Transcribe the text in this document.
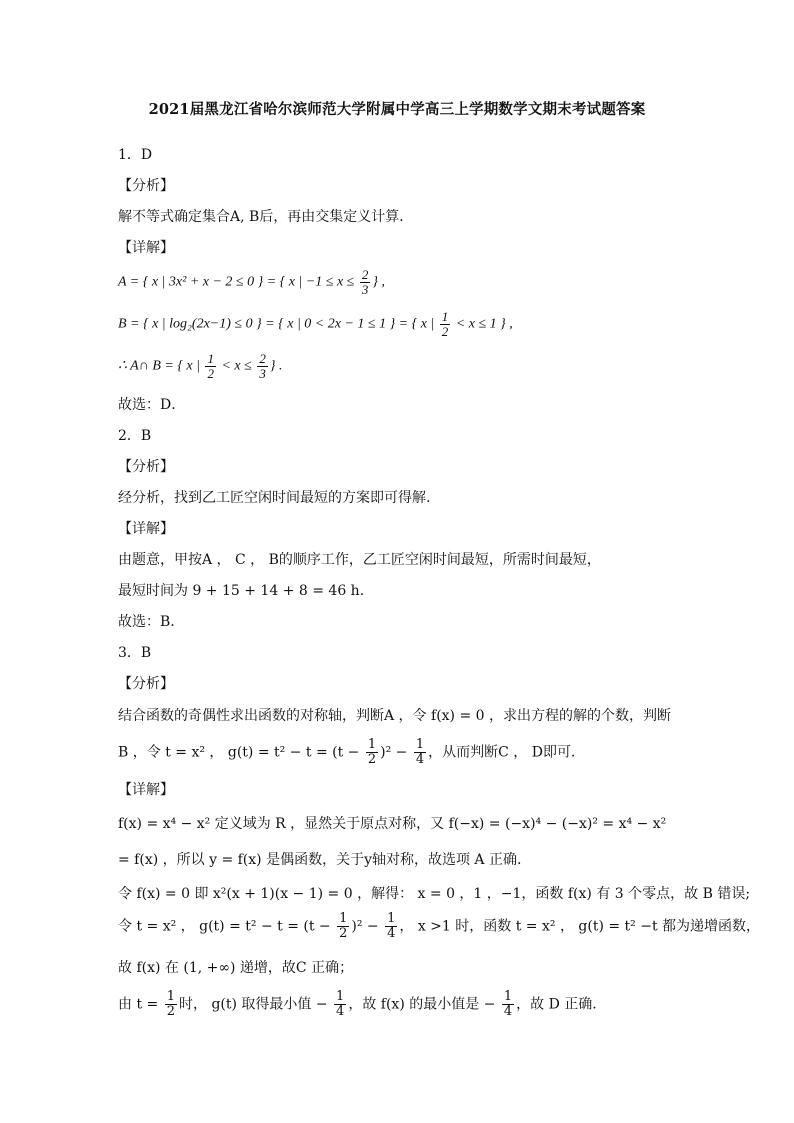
2021届黑龙江省哈尔滨师范大学附属中学高三上学期数学文期末考试题答案
1．D
【分析】
解不等式确定集合A, B后，再由交集定义计算．
【详解】
A = { x | 3x² + x − 2 ≤ 0 } = { x | $-1 \le x \le \frac{2}{3}$ } ,
B = { x | log₂(2x−1) ≤ 0 } = { x | 0 < 2x − 1 ≤ 1 } = { x | $\frac{1}{2} < x \le 1$ } ,
∴ A∩ B = { x | $\frac{1}{2} < x \le \frac{2}{3}$ } .
故选：D．
2．B
【分析】
经分析，找到乙工匠空闲时间最短的方案即可得解.
【详解】
由题意，甲按A ， C ， B的顺序工作，乙工匠空闲时间最短，所需时间最短，
最短时间为 9 + 15 + 14 + 8 = 46 h.
故选：B.
3．B
【分析】
结合函数的奇偶性求出函数的对称轴，判断A ，令 f(x) = 0 ，求出方程的解的个数，判断
B ，令 t = x² ， $g(t) = t^2 - t = (t - \frac{1}{2} )^2 - \frac{1}{4}$ ，从而判断C ， D即可．
【详解】
f(x) = x⁴ − x² 定义域为 R ，显然关于原点对称，又 f(−x) = (−x)⁴ − (−x)² = x⁴ − x²
= f(x) ，所以 y = f(x) 是偶函数，关于y轴对称，故选项 A 正确.
令 f(x) = 0 即 x²(x + 1)(x − 1) = 0 ，解得： x = 0 ，1 ，−1，函数 f(x) 有 3 个零点，故 B 错误;
令 t = x² ， $g(t) = t^2 - t = (t - \frac{1}{2} )^2 - \frac{1}{4}$ ， x >1 时，函数 t = x² ， g(t) = t² −t 都为递增函数，
故 f(x) 在 (1, +∞) 递增，故C 正确；
由 $t = \frac{1}{2}$ 时， g(t) 取得最小值 − $\frac{1}{4}$ ，故 f(x) 的最小值是 − $\frac{1}{4}$ ，故 D 正确．
